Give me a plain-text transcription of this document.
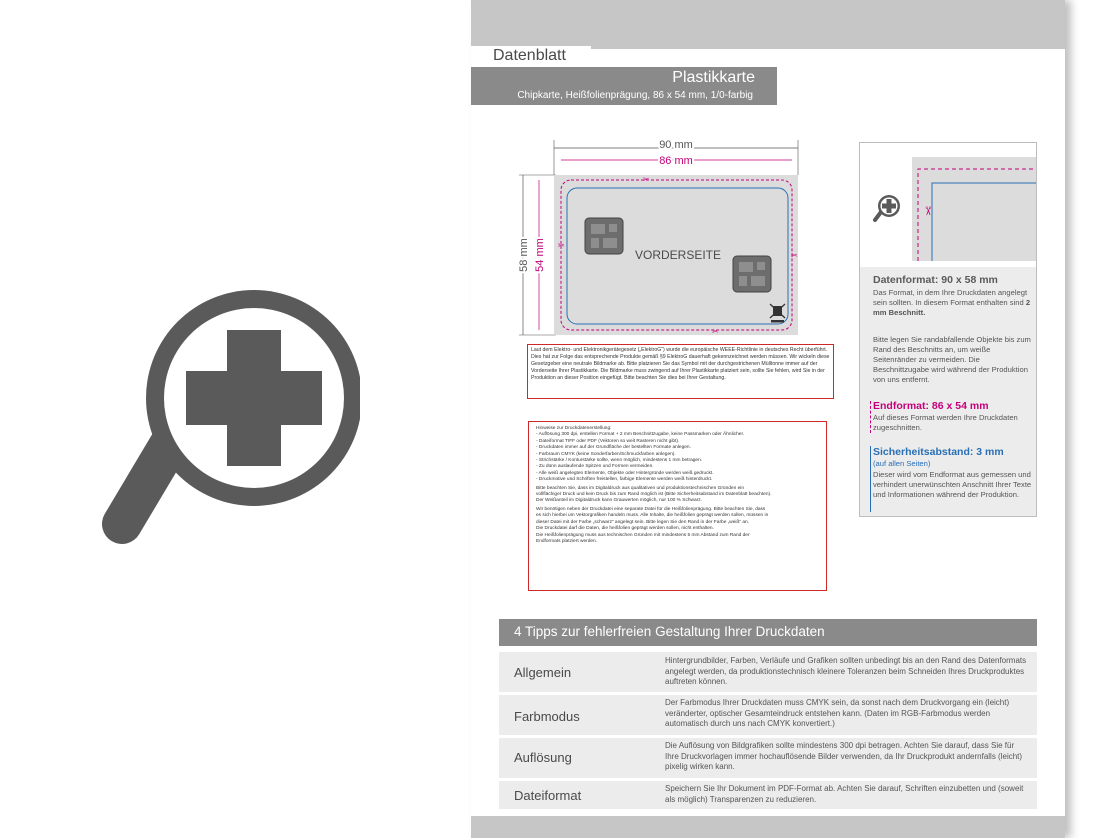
Datenblatt
Plastikkarte
Chipkarte, Heißfolienprägung, 86 x 54 mm, 1/0-farbig
90 mm
86 mm
58 mm 54 mm	VORDERSEITE
✂
✂
✂
✂
Laut dem Elektro- und Elektronikgerätegesetz („ElektroG“) wurde die europäische WEEE-Richtlinie in deutsches Recht überführt. Dies hat zur Folge das entsprechende Produkte gemäß §9 ElektroG dauerhaft gekennzeichnet werden müssen. Wir wickeln diese Gesetzgeber eine neutrale Bildmarke ab. Bitte platzieren Sie das Symbol mit der durchgestrichenen Mülltonne immer auf der Vorderseite Ihrer Plastikkarte. Die Bildmarke muss zwingend auf Ihrer Plastikkarte platziert sein, sollte Sie fehlen, wird Sie in der Produktion an dieser Position eingefügt. Bitte beachten Sie dies bei Ihrer Gestaltung.
Hinweise zur Druckdatenerstellung:
- Auflösung 300 dpi, erstellen Format + 2 mm Beschnittzugabe, keine Passmarken oder Ähnlicher.
- Dateiformat TIFF oder PDF (Vektoren so weit Rasteren nicht gibt).
- Druckdaten immer auf der Grundfläche der bestellten Formate anlegen.
- Farbraum CMYK (keine Sonderfarben/Schmuckfarben anlegen).
- Strichstärke / Konturstärke sollte, wenn möglich, mindestens 1 mm betragen.
- Zu dünn auslaufende Spitzen und Formen vermeiden.
- Alle weiß angelegten Elemente, Objekte oder Hintergründe werden weiß gedruckt.
- Druckmotive und Schriften freistellen, farbige Elemente werden weiß hinterdruckt.
Bitte beachten Sie, dass im Digitaldruck aus qualitativen und produktionstechnischen Gründen ein
vollflächiger Druck und kein Druck bis zum Rand möglich ist (Bitte Sicherheitsabstand im Datenblatt beachten).
Der Weißanteil im Digitaldruck kann Grauwerten möglich, nur 100 % Schwarz.
Wir benötigen neben der Druckdatei eine separate Datei für die Heißfolienprägung. Bitte beachten Sie, dass
es sich hierbei um Vektorgrafiken handeln muss. Alle Inhalte, die heißfolien geprägt werden sollen, müssen in
dieser Datei mit der Farbe „schwarz“ angelegt sein. Bitte legen Sie den Rand in der Farbe „weiß“ an.
Die Druckdatei darf die Daten, die heißfolien geprägt werden sollen, nicht enthalten.
Die Heißfolienprägung muss aus technischen Gründen mit mindestens 5 mm Abstand zum Rand der
Endformats platziert werden.
✂
Datenformat: 90 x 58 mm
Das Format, in dem Ihre Druckdaten angelegt sein sollten. In diesem Format enthalten sind 2 mm Beschnitt.
Bitte legen Sie randabfallende Objekte bis zum Rand des Beschnitts an, um weiße Seitenränder zu vermeiden. Die Beschnittzugabe wird während der Produktion von uns entfernt.
Endformat: 86 x 54 mm
Auf dieses Format werden Ihre Druckdaten zugeschnitten.
Sicherheitsabstand: 3 mm
(auf allen Seiten)
Dieser wird vom Endformat aus gemessen und verhindert unerwünschten Anschnitt Ihrer Texte und Informationen während der Produktion.
4 Tipps zur fehlerfreien Gestaltung Ihrer Druckdaten
Allgemein
Hintergrundbilder, Farben, Verläufe und Grafiken sollten unbedingt bis an den Rand des Datenformats angelegt werden, da produktionstechnisch kleinere Toleranzen beim Schneiden Ihres Druckproduktes auftreten können.
Farbmodus
Der Farbmodus Ihrer Druckdaten muss CMYK sein, da sonst nach dem Druckvorgang ein (leicht) veränderter, optischer Gesamteindruck entstehen kann. (Daten im RGB-Farbmodus werden automatisch durch uns nach CMYK konvertiert.)
Auflösung
Die Auflösung von Bildgrafiken sollte mindestens 300 dpi betragen. Achten Sie darauf, dass Sie für Ihre Druckvorlagen immer hochauflösende Bilder verwenden, da Ihr Druckprodukt andernfalls (leicht) pixelig wirken kann.
Dateiformat	Speichern Sie Ihr Dokument im PDF-Format ab. Achten Sie darauf, Schriften einzubetten und (soweit als möglich) Transparenzen zu reduzieren.
